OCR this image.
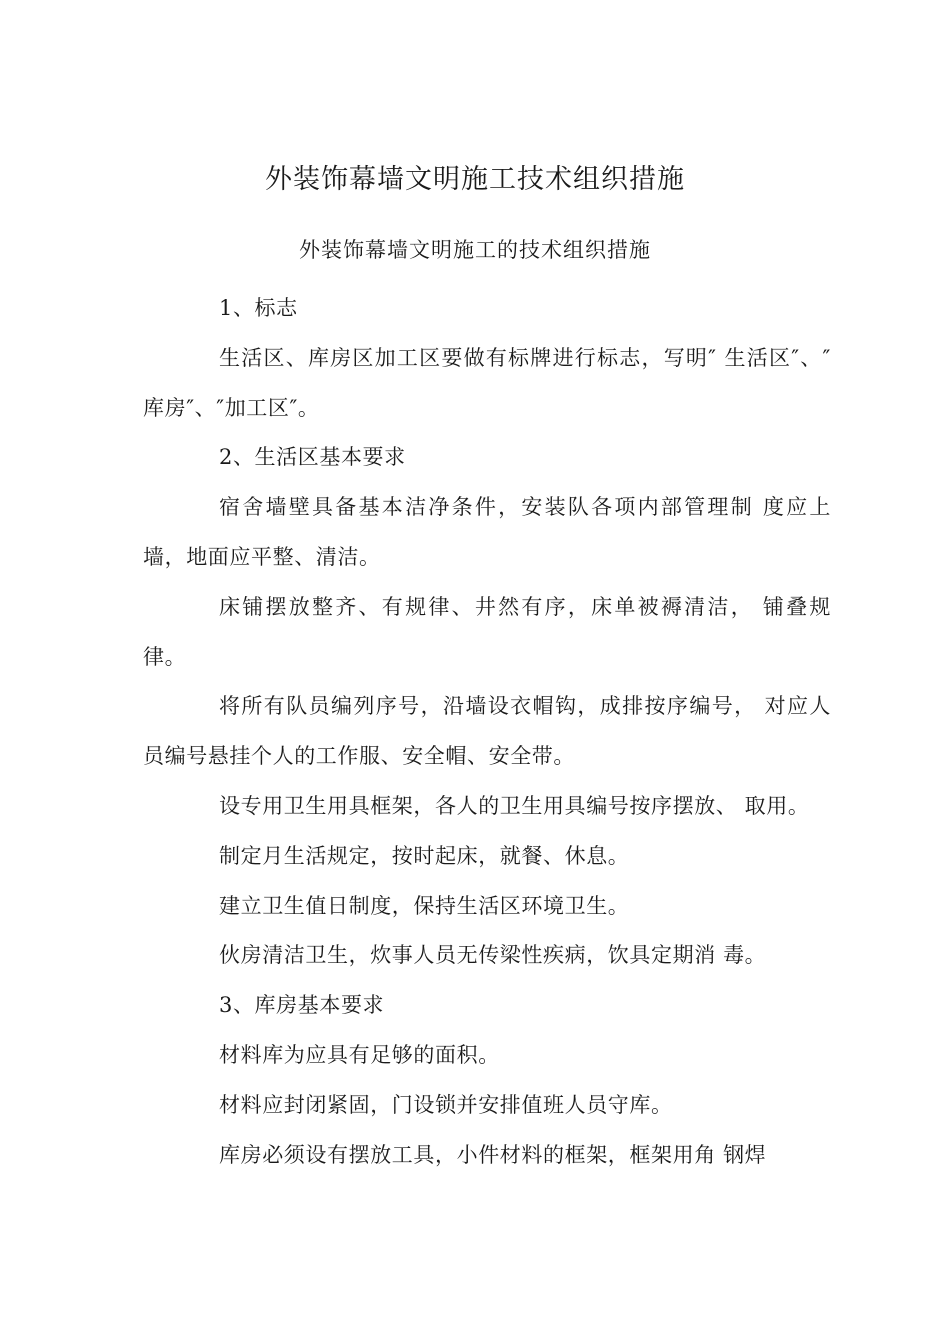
外装饰幕墙文明施工技术组织措施
外装饰幕墙文明施工的技术组织措施

1、标志

生活区、库房区加工区要做有标牌进行标志，写明″ 生活区″、″库房″、″加工区″。

2、生活区基本要求

宿舍墙壁具备基本洁净条件，安装队各项内部管理制 度应上墙，地面应平整、清洁。

床铺摆放整齐、有规律、井然有序，床单被褥清洁， 铺叠规律。

将所有队员编列序号，沿墙设衣帽钩，成排按序编号， 对应人员编号悬挂个人的工作服、安全帽、安全带。

设专用卫生用具框架，各人的卫生用具编号按序摆放、 取用。

制定月生活规定，按时起床，就餐、休息。

建立卫生值日制度，保持生活区环境卫生。

伙房清洁卫生，炊事人员无传梁性疾病，饮具定期消 毒。

3、库房基本要求

材料库为应具有足够的面积。

材料应封闭紧固，门设锁并安排值班人员守库。

库房必须设有摆放工具，小件材料的框架，框架用角 钢焊
